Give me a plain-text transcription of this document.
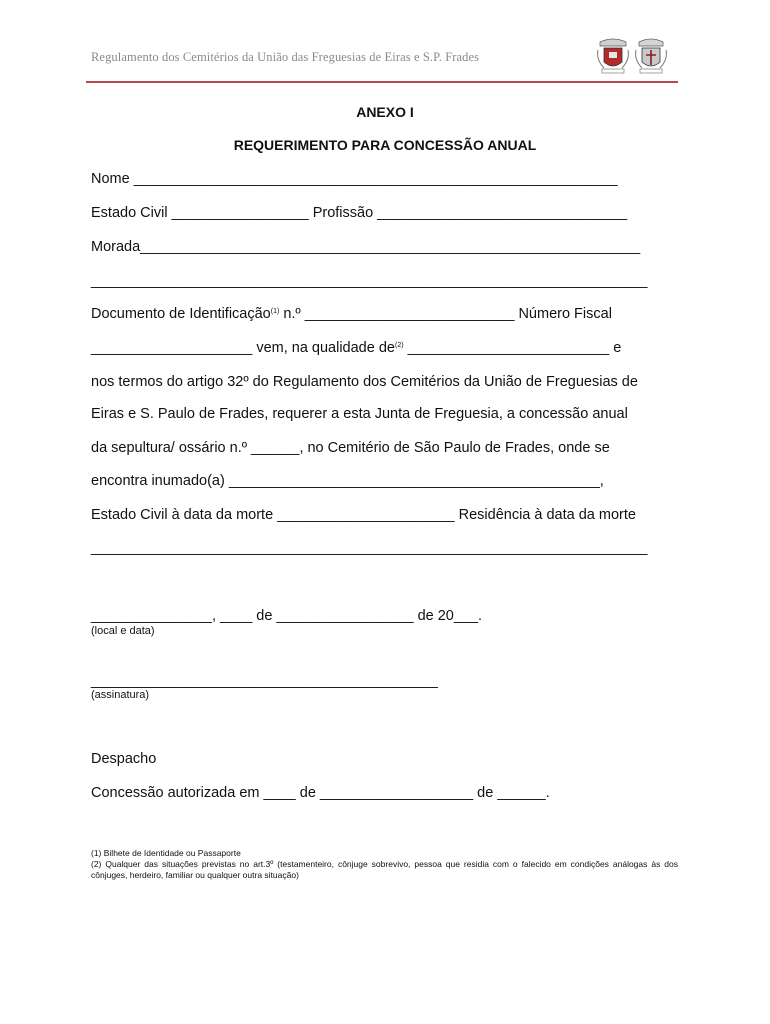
Regulamento dos Cemitérios da União das Freguesias de Eiras e S.P. Frades
ANEXO I
REQUERIMENTO PARA CONCESSÃO ANUAL
Nome ____________________________________________________________
Estado Civil _________________ Profissão _______________________________
Morada______________________________________________________________
_____________________________________________________________________
Documento de Identificação$^{(1)}$ n.º __________________________ Número Fiscal
____________________ vem, na qualidade $de^{(2)}$ _________________________ e
nos termos do artigo 32º do Regulamento dos Cemitérios da União de Freguesias de
Eiras e S. Paulo de Frades, requerer a esta Junta de Freguesia, a concessão anual
da sepultura/ ossário n.º ______, no Cemitério de São Paulo de Frades, onde se
encontra inumado(a) ______________________________________________,
Estado Civil à data da morte ______________________ Residência à data da morte
_____________________________________________________________________
_______________, ____ de _________________ de 20___.
(local e data)
___________________________________________
(assinatura)
Despacho
Concessão autorizada em ____ de ___________________ de ______.
(1) Bilhete de Identidade ou Passaporte
(2) Qualquer das situações previstas no art.3º (testamenteiro, cônjuge sobrevivo, pessoa que residia com o falecido em condições análogas às dos cônjuges, herdeiro, familiar ou qualquer outra situação)
